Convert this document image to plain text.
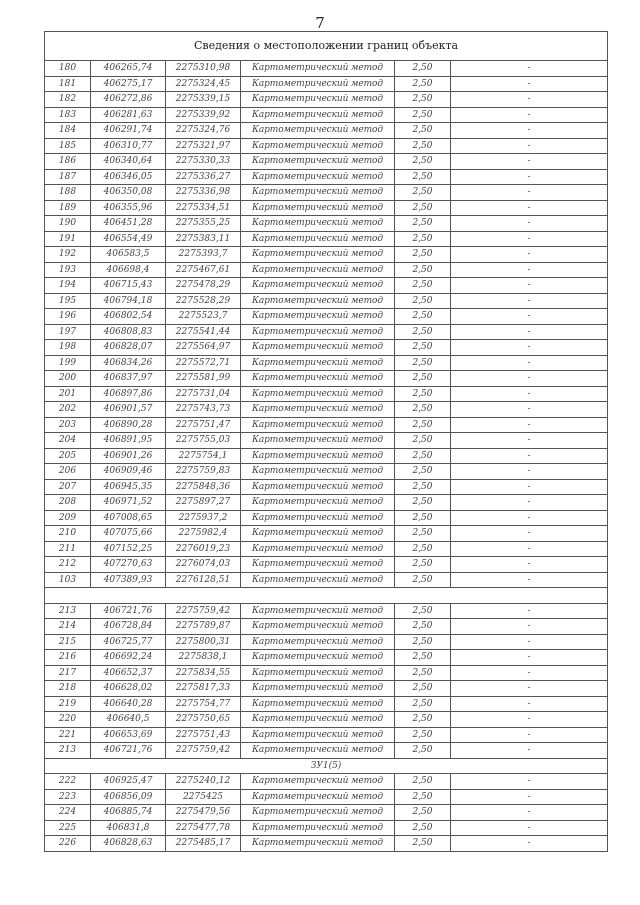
7
Сведения о местоположении границ объекта					
180	406265,74	2275310,98	Картометрический метод	2,50	-
181	406275,17	2275324,45	Картометрический метод	2,50	-
182	406272,86	2275339,15	Картометрический метод	2,50	-
183	406281,63	2275339,92	Картометрический метод	2,50	-
184	406291,74	2275324,76	Картометрический метод	2,50	-
185	406310,77	2275321,97	Картометрический метод	2,50	-
186	406340,64	2275330,33	Картометрический метод	2,50	-
187	406346,05	2275336,27	Картометрический метод	2,50	-
188	406350,08	2275336,98	Картометрический метод	2,50	-
189	406355,96	2275334,51	Картометрический метод	2,50	-
190	406451,28	2275355,25	Картометрический метод	2,50	-
191	406554,49	2275383,11	Картометрический метод	2,50	-
192	406583,5	2275393,7	Картометрический метод	2,50	-
193	406698,4	2275467,61	Картометрический метод	2,50	-
194	406715,43	2275478,29	Картометрический метод	2,50	-
195	406794,18	2275528,29	Картометрический метод	2,50	-
196	406802,54	2275523,7	Картометрический метод	2,50	-
197	406808,83	2275541,44	Картометрический метод	2,50	-
198	406828,07	2275564,97	Картометрический метод	2,50	-
199	406834,26	2275572,71	Картометрический метод	2,50	-
200	406837,97	2275581,99	Картометрический метод	2,50	-
201	406897,86	2275731,04	Картометрический метод	2,50	-
202	406901,57	2275743,73	Картометрический метод	2,50	-
203	406890,28	2275751,47	Картометрический метод	2,50	-
204	406891,95	2275755,03	Картометрический метод	2,50	-
205	406901,26	2275754,1	Картометрический метод	2,50	-
206	406909,46	2275759,83	Картометрический метод	2,50	-
207	406945,35	2275848,36	Картометрический метод	2,50	-
208	406971,52	2275897,27	Картометрический метод	2,50	-
209	407008,65	2275937,2	Картометрический метод	2,50	-
210	407075,66	2275982,4	Картометрический метод	2,50	-
211	407152,25	2276019,23	Картометрический метод	2,50	-
212	407270,63	2276074,03	Картометрический метод	2,50	-
103	407389,93	2276128,51	Картометрический метод	2,50	-

213	406721,76	2275759,42	Картометрический метод	2,50	-
214	406728,84	2275789,87	Картометрический метод	2,50	-
215	406725,77	2275800,31	Картометрический метод	2,50	-
216	406692,24	2275838,1	Картометрический метод	2,50	-
217	406652,37	2275834,55	Картометрический метод	2,50	-
218	406628,02	2275817,33	Картометрический метод	2,50	-
219	406640,28	2275754,77	Картометрический метод	2,50	-
220	406640,5	2275750,65	Картометрический метод	2,50	-
221	406653,69	2275751,43	Картометрический метод	2,50	-
213	406721,76	2275759,42	Картометрический метод	2,50	-
ЗУ1(5)					
222	406925,47	2275240,12	Картометрический метод	2,50	-
223	406856,09	2275425	Картометрический метод	2,50	-
224	406885,74	2275479,56	Картометрический метод	2,50	-
225	406831,8	2275477,78	Картометрический метод	2,50	-
226	406828,63	2275485,17	Картометрический метод	2,50	-
